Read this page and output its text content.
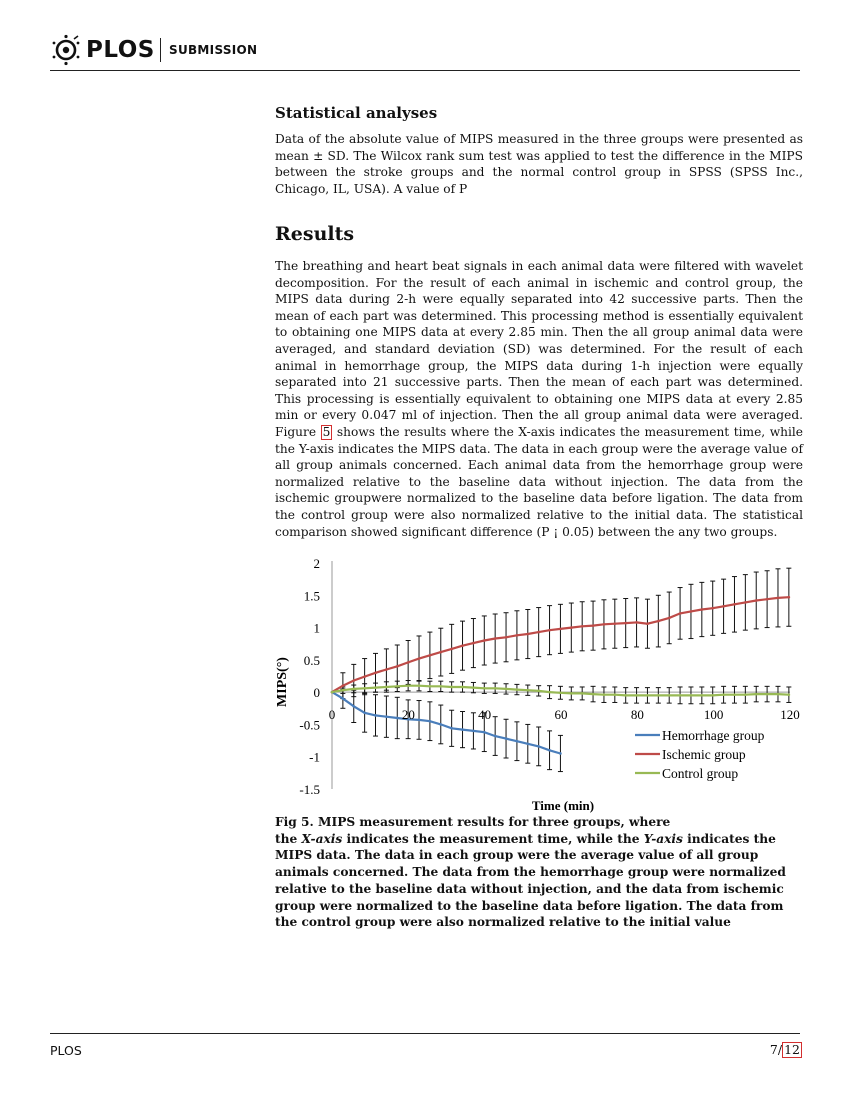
PLOS SUBMISSION
Statistical analyses

Data of the absolute value of MIPS measured in the three groups were presented as mean ± SD. The Wilcox rank sum test was applied to test the difference in the MIPS between the stroke groups and the normal control group in SPSS (SPSS Inc., Chicago, IL, USA). A value of P

Results

The breathing and heart beat signals in each animal data were filtered with wavelet decomposition. For the result of each animal in ischemic and control group, the MIPS data during 2-h were equally separated into 42 successive parts. Then the mean of each part was determined. This processing method is essentially equivalent to obtaining one MIPS data at every 2.85 min. Then the all group animal data were averaged, and standard deviation (SD) was determined. For the result of each animal in hemorrhage group, the MIPS data during 1-h injection were equally separated into 21 successive parts. Then the mean of each part was determined. This processing is essentially equivalent to obtaining one MIPS data at every 2.85 min or every 0.047 ml of injection. Then the all group animal data were averaged. Figure 5 shows the results where the X-axis indicates the measurement time, while the Y-axis indicates the MIPS data. The data in each group were the average value of all group animals concerned. Each animal data from the hemorrhage group were normalized relative to the baseline data without injection. The data from the ischemic groupwere normalized to the baseline data before ligation. The data from the control group were also normalized relative to the initial data. The statistical comparison showed significant difference (P ¡ 0.05) between the any two groups.

2
1.5
1
0.5
0
-0.5
-1
-1.5
0	20	40	60	80	100	120
Hemorrhage group
Ischemic group
Control group
MIPS(°)
Time (min)
Fig 5. MIPS measurement results for three groups, where
the X-axis indicates the measurement time, while the Y-axis indicates the MIPS data. The data in each group were the average value of all group animals concerned. The data from the hemorrhage group were normalized relative to the baseline data without injection, and the data from ischemic group were normalized to the baseline data before ligation. The data from the control group were also normalized relative to the initial value
PLOS	7/ 12
